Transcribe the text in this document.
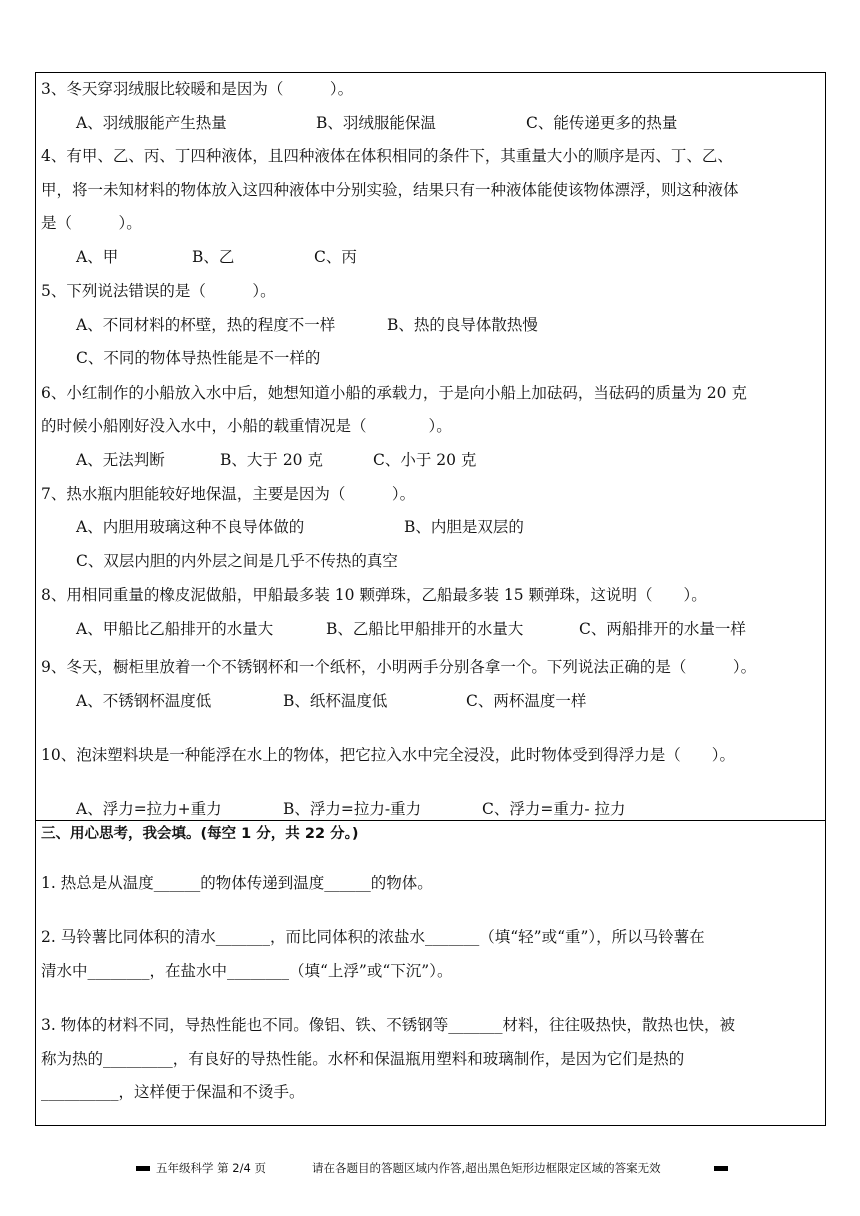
3、冬天穿羽绒服比较暖和是因为（　　　）。
A、羽绒服能产生热量	B、羽绒服能保温	C、能传递更多的热量
4、有甲、乙、丙、丁四种液体，且四种液体在体积相同的条件下，其重量大小的顺序是丙、丁、乙、
甲，将一未知材料的物体放入这四种液体中分别实验，结果只有一种液体能使该物体漂浮，则这种液体
是（　　　）。
A、甲	B、乙	C、丙
5、下列说法错误的是（　　　）。
A、不同材料的杯壁，热的程度不一样	B、热的良导体散热慢
C、不同的物体导热性能是不一样的
6、小红制作的小船放入水中后，她想知道小船的承载力，于是向小船上加砝码，当砝码的质量为 20 克
的时候小船刚好没入水中，小船的载重情况是（　　　　）。
A、无法判断	B、大于 20 克	C、小于 20 克
7、热水瓶内胆能较好地保温，主要是因为（　　　）。
A、内胆用玻璃这种不良导体做的	B、内胆是双层的
C、双层内胆的内外层之间是几乎不传热的真空
8、用相同重量的橡皮泥做船，甲船最多装 10 颗弹珠，乙船最多装 15 颗弹珠，这说明（　　）。
A、甲船比乙船排开的水量大	B、乙船比甲船排开的水量大	C、两船排开的水量一样
9、冬天，橱柜里放着一个不锈钢杯和一个纸杯，小明两手分别各拿一个。下列说法正确的是（　　　）。
A、不锈钢杯温度低	B、纸杯温度低	C、两杯温度一样
10、泡沫塑料块是一种能浮在水上的物体，把它拉入水中完全浸没，此时物体受到得浮力是（　　）。
A、浮力=拉力+重力	B、浮力=拉力-重力	C、浮力=重力- 拉力
三、用心思考，我会填。(每空 1 分，共 22 分。)
1. 热总是从温度______的物体传递到温度______的物体。
2. 马铃薯比同体积的清水_______，而比同体积的浓盐水_______（填“轻”或“重”），所以马铃薯在
清水中________，在盐水中________（填“上浮”或“下沉”）。
3. 物体的材料不同，导热性能也不同。像铝、铁、不锈钢等_______材料，往往吸热快，散热也快，被
称为热的_________，有良好的导热性能。水杯和保温瓶用塑料和玻璃制作，是因为它们是热的
__________，这样便于保温和不烫手。
五年级科学 第 2/4 页	请在各题目的答题区域内作答,超出黑色矩形边框限定区域的答案无效
